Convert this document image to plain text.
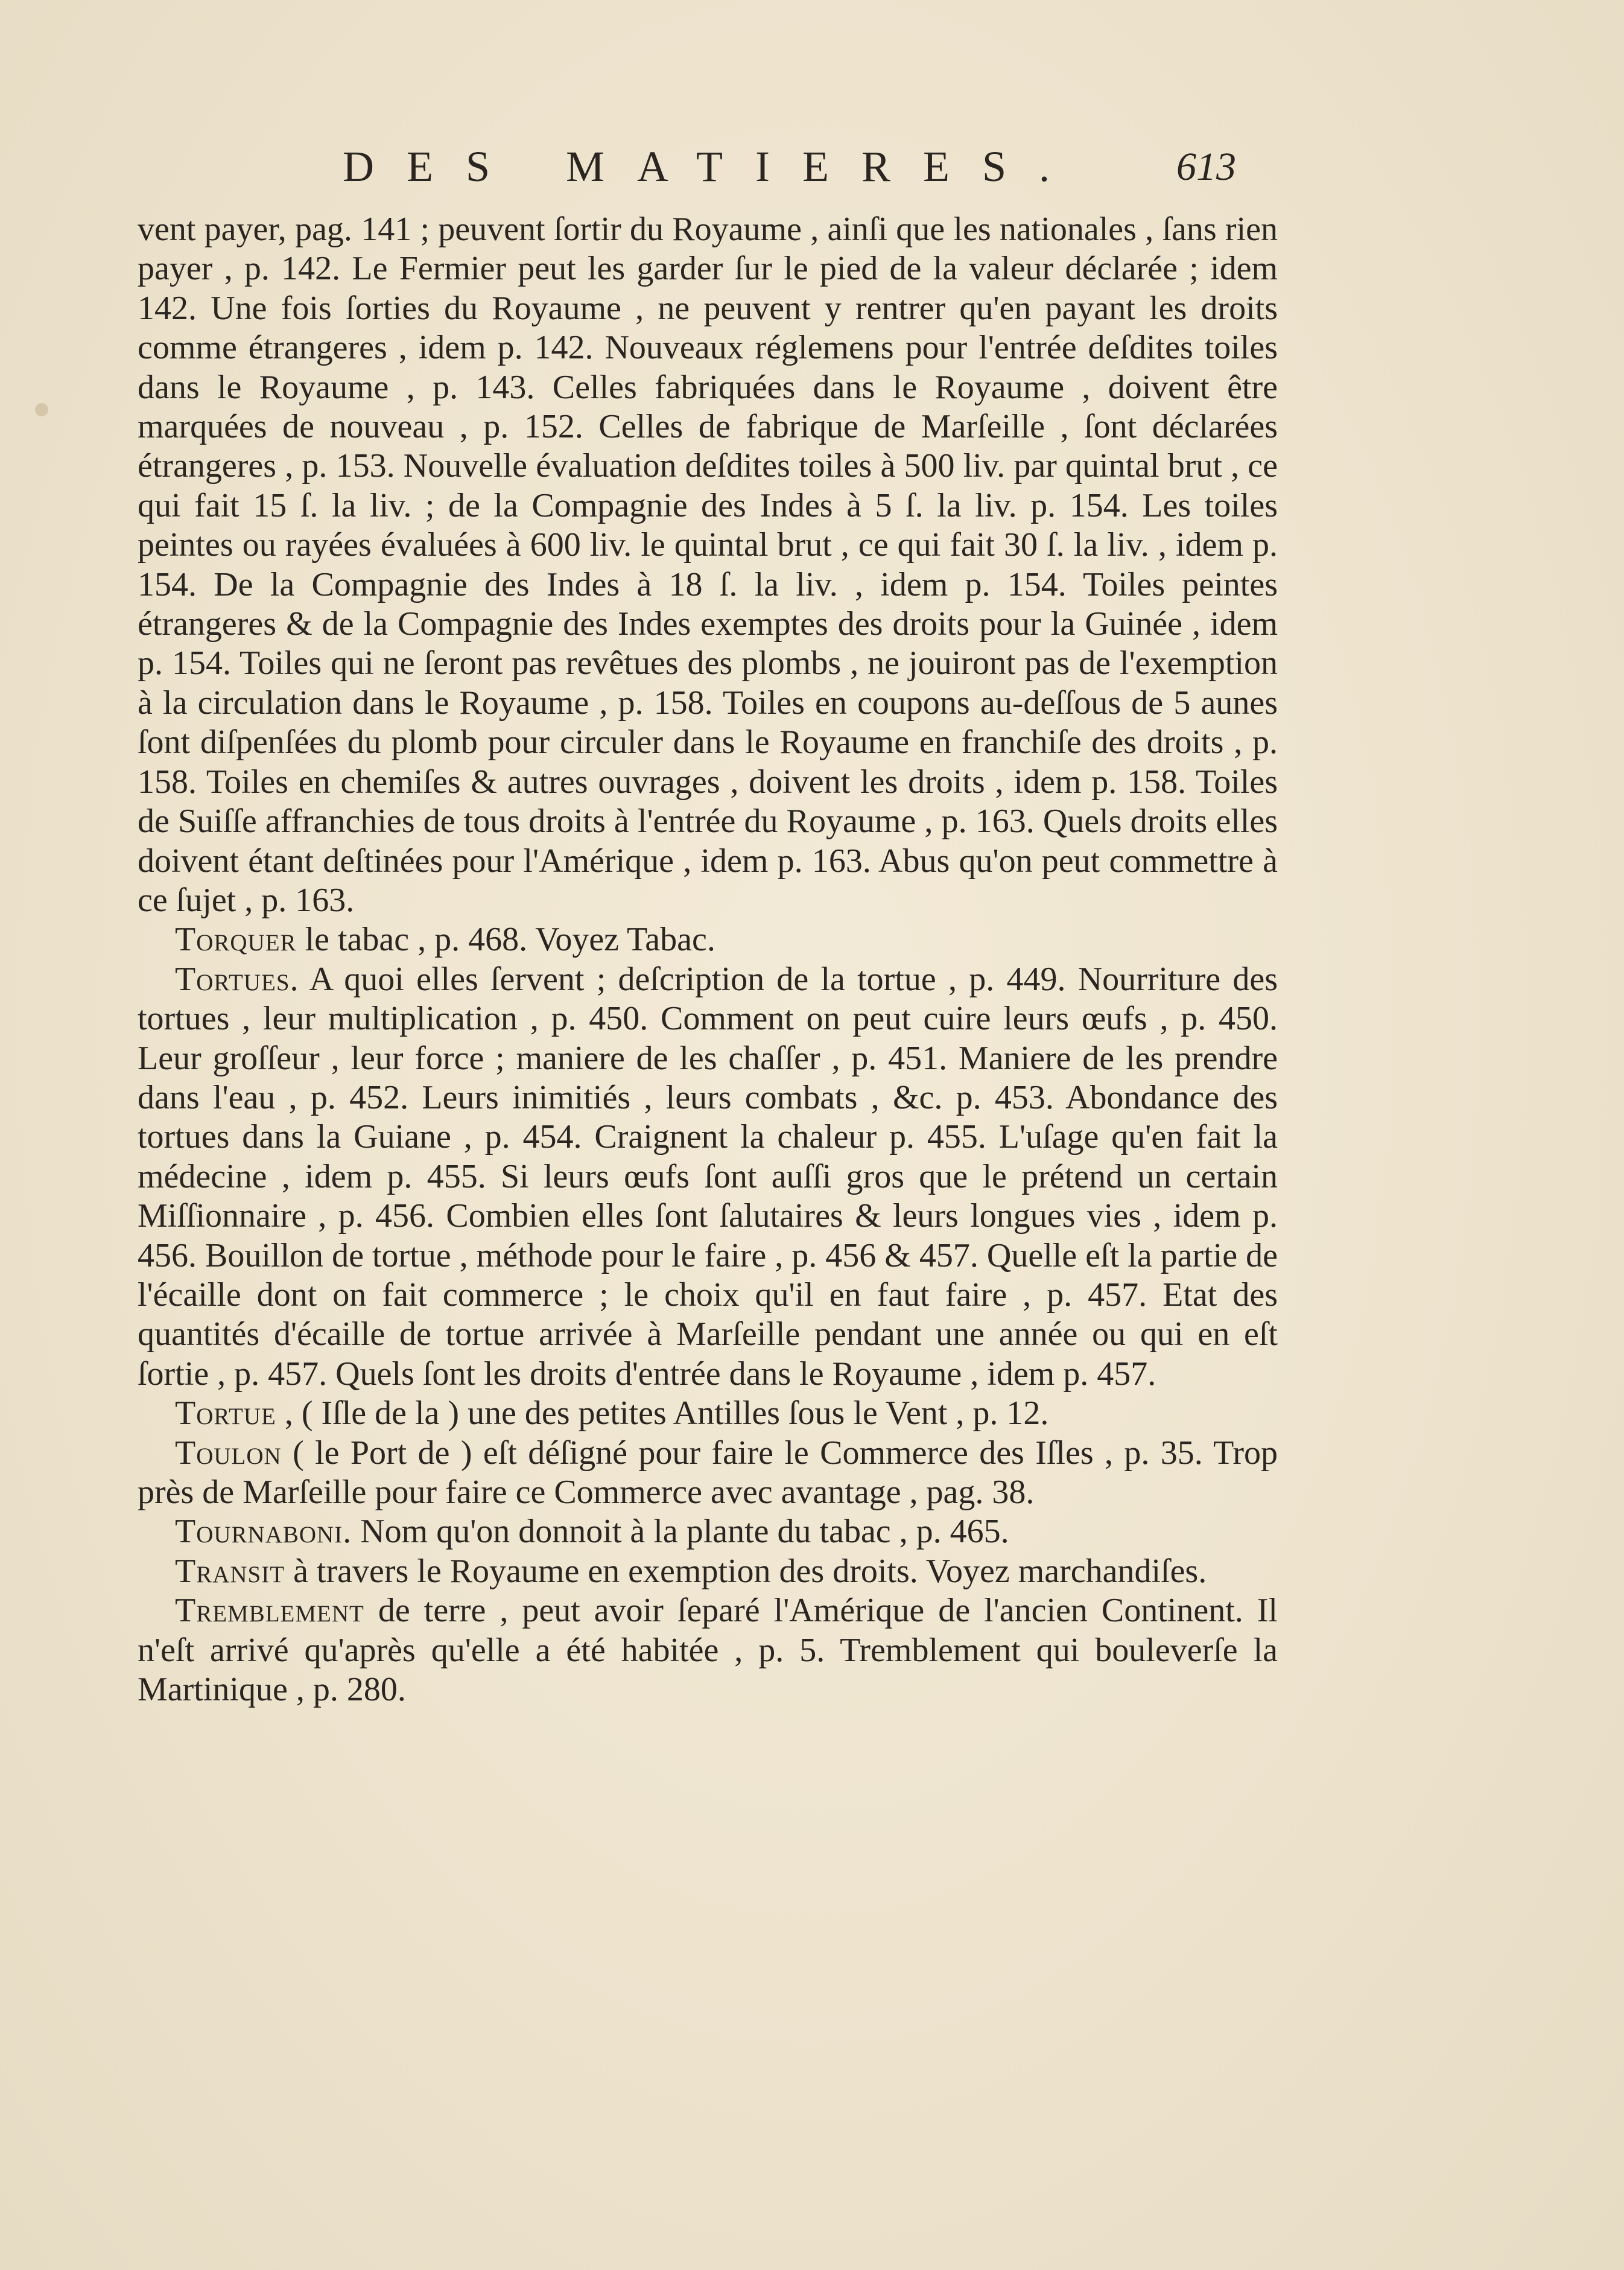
DES MATIERES. 613

vent payer, pag. 141 ; peuvent ſortir du Royaume , ainſi que les nationales , ſans rien payer , p. 142. Le Fermier peut les garder ſur le pied de la valeur déclarée ; idem 142. Une fois ſorties du Royaume , ne peuvent y rentrer qu'en payant les droits comme étrangeres , idem p. 142. Nouveaux réglemens pour l'entrée deſdites toiles dans le Royaume , p. 143. Celles fabriquées dans le Royaume , doivent être marquées de nouveau , p. 152. Celles de fabrique de Marſeille , ſont déclarées étrangeres , p. 153. Nouvelle évaluation deſdites toiles à 500 liv. par quintal brut , ce qui fait 15 ſ. la liv. ; de la Compagnie des Indes à 5 ſ. la liv. p. 154. Les toiles peintes ou rayées évaluées à 600 liv. le quintal brut , ce qui fait 30 ſ. la liv. , idem p. 154. De la Compagnie des Indes à 18 ſ. la liv. , idem p. 154. Toiles peintes étrangeres & de la Compagnie des Indes exemptes des droits pour la Guinée , idem p. 154. Toiles qui ne ſeront pas revêtues des plombs , ne jouiront pas de l'exemption à la circulation dans le Royaume , p. 158. Toiles en coupons au-deſſous de 5 aunes ſont diſpenſées du plomb pour circuler dans le Royaume en franchiſe des droits , p. 158. Toiles en chemiſes & autres ouvrages , doivent les droits , idem p. 158. Toiles de Suiſſe affranchies de tous droits à l'entrée du Royaume , p. 163. Quels droits elles doivent étant deſtinées pour l'Amérique , idem p. 163. Abus qu'on peut commettre à ce ſujet , p. 163.

Torquer le tabac , p. 468. Voyez Tabac.

Tortues. A quoi elles ſervent ; deſcription de la tortue , p. 449. Nourriture des tortues , leur multiplication , p. 450. Comment on peut cuire leurs œufs , p. 450. Leur groſſeur , leur force ; maniere de les chaſſer , p. 451. Maniere de les prendre dans l'eau , p. 452. Leurs inimitiés , leurs combats , &c. p. 453. Abondance des tortues dans la Guiane , p. 454. Craignent la chaleur p. 455. L'uſage qu'en fait la médecine , idem p. 455. Si leurs œufs ſont auſſi gros que le prétend un certain Miſſionnaire , p. 456. Combien elles ſont ſalutaires & leurs longues vies , idem p. 456. Bouillon de tortue , méthode pour le faire , p. 456 & 457. Quelle eſt la partie de l'écaille dont on fait commerce ; le choix qu'il en faut faire , p. 457. Etat des quantités d'écaille de tortue arrivée à Marſeille pendant une année ou qui en eſt ſortie , p. 457. Quels ſont les droits d'entrée dans le Royaume , idem p. 457.

Tortue , ( Iſle de la ) une des petites Antilles ſous le Vent , p. 12.

Toulon ( le Port de ) eſt déſigné pour faire le Commerce des Iſles , p. 35. Trop près de Marſeille pour faire ce Commerce avec avantage , pag. 38.

Tournaboni. Nom qu'on donnoit à la plante du tabac , p. 465.

Transit à travers le Royaume en exemption des droits. Voyez marchandiſes.

Tremblement de terre , peut avoir ſeparé l'Amérique de l'ancien Continent. Il n'eſt arrivé qu'après qu'elle a été habitée , p. 5. Tremblement qui bouleverſe la Martinique , p. 280.
